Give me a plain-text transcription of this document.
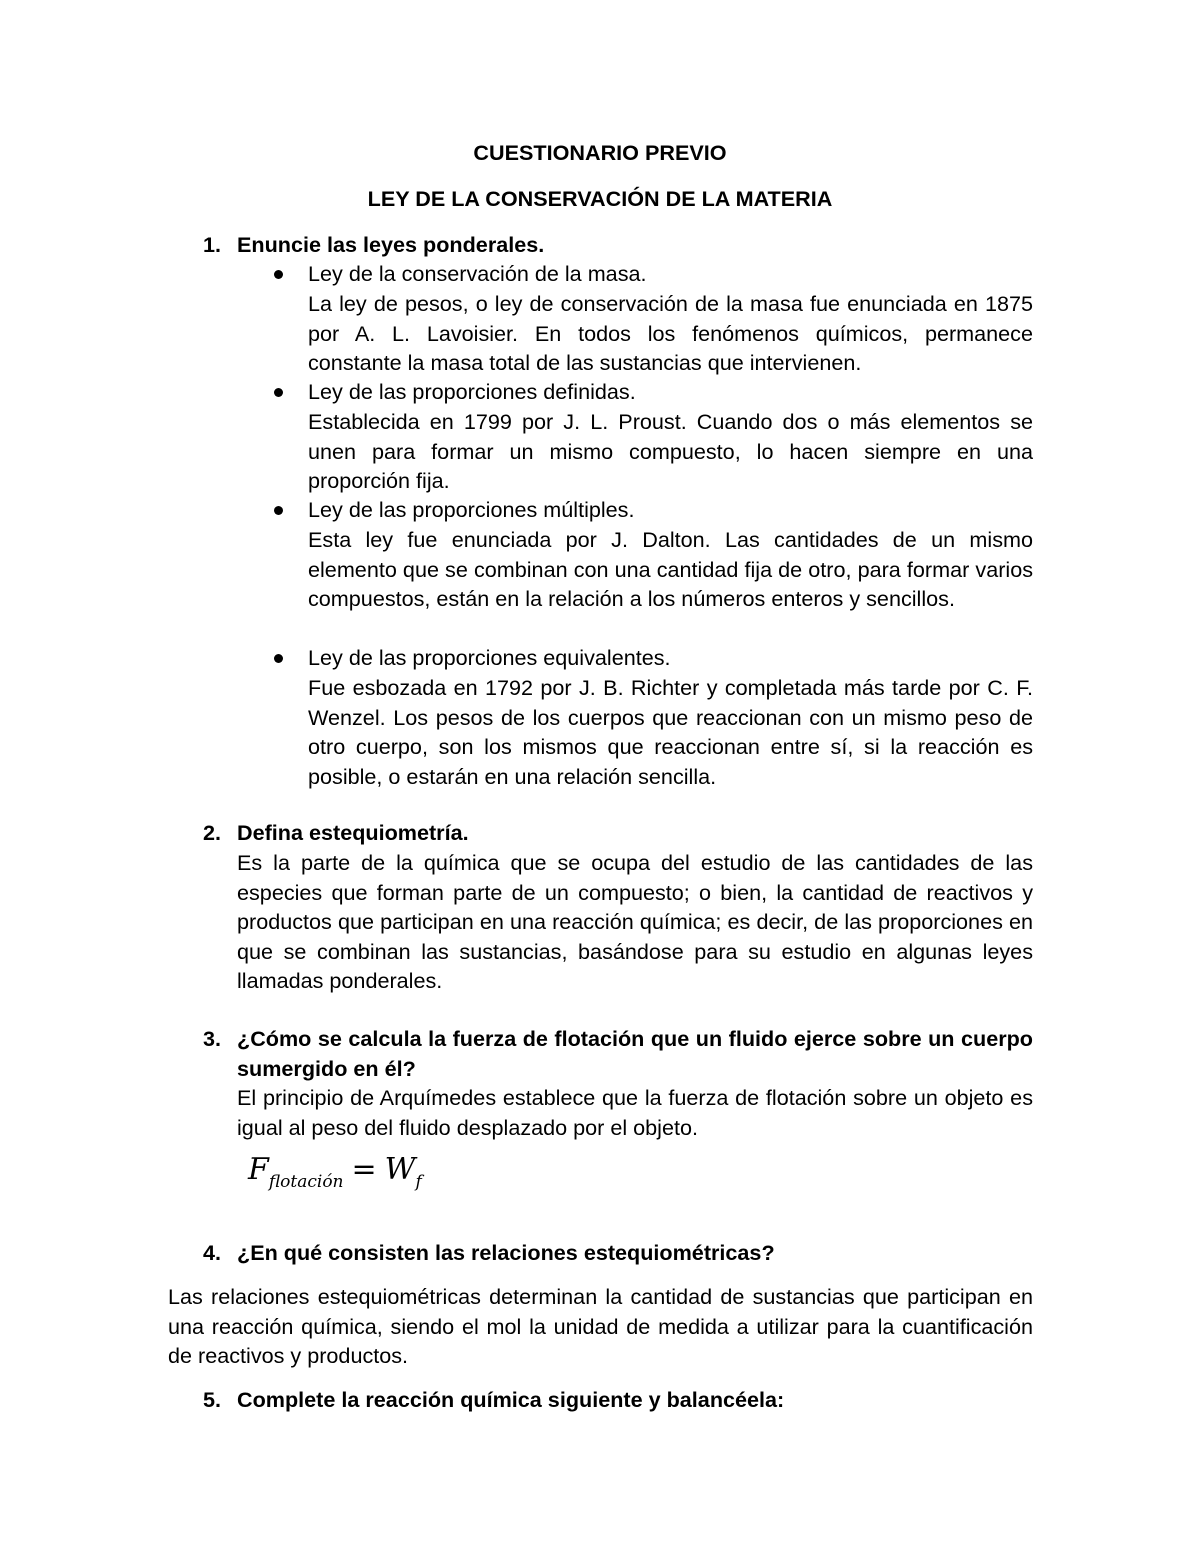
CUESTIONARIO PREVIO
LEY DE LA CONSERVACIÓN DE LA MATERIA
1. Enuncie las leyes ponderales.
Ley de la conservación de la masa.

La ley de pesos, o ley de conservación de la masa fue enunciada en 1875 por A. L. Lavoisier. En todos los fenómenos químicos, permanece constante la masa total de las sustancias que intervienen.

Ley de las proporciones definidas.

Establecida en 1799 por J. L. Proust. Cuando dos o más elementos se unen para formar un mismo compuesto, lo hacen siempre en una proporción fija.

Ley de las proporciones múltiples.

Esta ley fue enunciada por J. Dalton. Las cantidades de un mismo elemento que se combinan con una cantidad fija de otro, para formar varios compuestos, están en la relación a los números enteros y sencillos.

Ley de las proporciones equivalentes.

Fue esbozada en 1792 por J. B. Richter y completada más tarde por C. F. Wenzel. Los pesos de los cuerpos que reaccionan con un mismo peso de otro cuerpo, son los mismos que reaccionan entre sí, si la reacción es posible, o estarán en una relación sencilla.

2. Defina estequiometría.

Es la parte de la química que se ocupa del estudio de las cantidades de las especies que forman parte de un compuesto; o bien, la cantidad de reactivos y productos que participan en una reacción química; es decir, de las proporciones en que se combinan las sustancias, basándose para su estudio en algunas leyes llamadas ponderales.

3. ¿Cómo se calcula la fuerza de flotación que un fluido ejerce sobre un cuerpo sumergido en él?

El principio de Arquímedes establece que la fuerza de flotación sobre un objeto es igual al peso del fluido desplazado por el objeto.

$F_{flotación} = W_f$
4. ¿En qué consisten las relaciones estequiométricas?

Las relaciones estequiométricas determinan la cantidad de sustancias que participan en una reacción química, siendo el mol la unidad de medida a utilizar para la cuantificación de reactivos y productos.

5. Complete la reacción química siguiente y balancéela:
